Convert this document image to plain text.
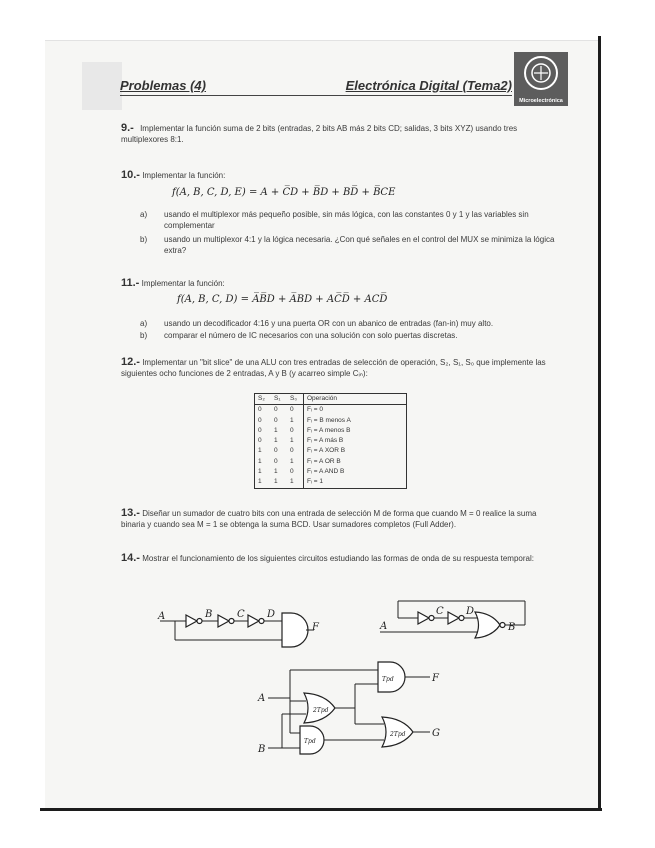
Problemas (4)	Electrónica Digital (Tema2)
Microelectrónica
9.- Implementar la función suma de 2 bits (entradas, 2 bits AB más 2 bits CD; salidas, 3 bits XYZ) usando tres multiplexores 8:1.
10.- Implementar la función:
f(A, B, C, D, E) = A + C̅D + B̅D + BD̅ + B̅CE
a) usando el multiplexor más pequeño posible, sin más lógica, con las constantes 0 y 1 y las variables sin complementar
b) usando un multiplexor 4:1 y la lógica necesaria. ¿Con qué señales en el control del MUX se minimiza la lógica extra?
11.- Implementar la función:
f(A, B, C, D) = A̅B̅D + A̅BD + AC̅D̅ + ACD̅
a) usando un decodificador 4:16 y una puerta OR con un abanico de entradas (fan-in) muy alto.
b) comparar el número de IC necesarios con una solución con solo puertas discretas.
12.- Implementar un "bit slice" de una ALU con tres entradas de selección de operación, S₂, S₁, S₀ que implemente las siguientes ocho funciones de 2 entradas, A y B (y acarreo simple Cᵢₙ):
S₂	S₁	S₀	Operación
0	0	0	Fᵢ = 0
0	0	1	Fᵢ = B menos A
0	1	0	Fᵢ = A menos B
0	1	1	Fᵢ = A más B
1	0	0	Fᵢ = A XOR B
1	0	1	Fᵢ = A OR B
1	1	0	Fᵢ = A AND B
1	1	1	Fᵢ = 1
13.- Diseñar un sumador de cuatro bits con una entrada de selección M de forma que cuando M = 0 realice la suma binaria y cuando sea M = 1 se obtenga la suma BCD. Usar sumadores completos (Full Adder).
14.- Mostrar el funcionamiento de los siguientes circuitos estudiando las formas de onda de su respuesta temporal:
A	B C D
F	A
C D
B
2Tpd
Tpd
Tpd	F
2Tpd	G
A
B
